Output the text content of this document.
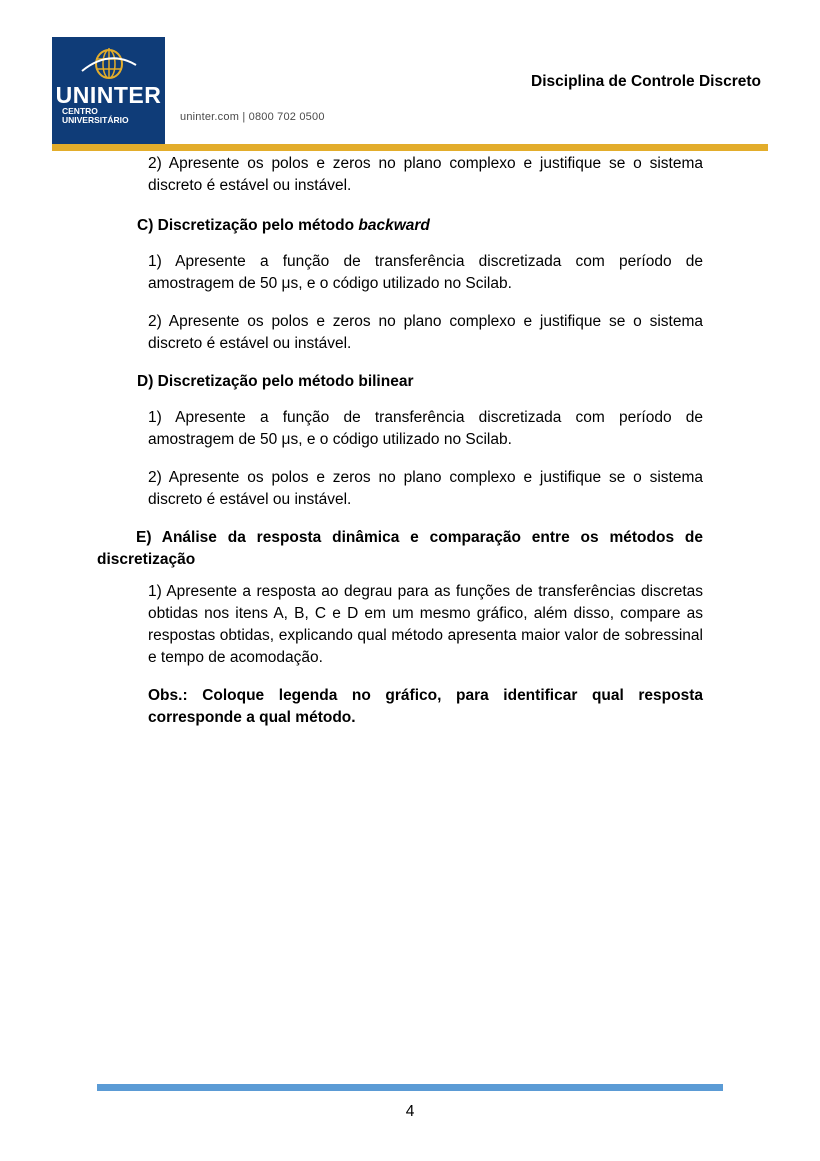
UNINTER
CENTRO
UNIVERSITÁRIO	uninter.com | 0800 702 0500
Disciplina de Controle Discreto
2) Apresente os polos e zeros no plano complexo e justifique se o sistema discreto é estável ou instável.
C) Discretização pelo método backward
1) Apresente a função de transferência discretizada com período de amostragem de 50 μs, e o código utilizado no Scilab.
2) Apresente os polos e zeros no plano complexo e justifique se o sistema discreto é estável ou instável.
D) Discretização pelo método bilinear
1) Apresente a função de transferência discretizada com período de amostragem de 50 μs, e o código utilizado no Scilab.
2) Apresente os polos e zeros no plano complexo e justifique se o sistema discreto é estável ou instável.
E) Análise da resposta dinâmica e comparação entre os métodos de
discretização
1) Apresente a resposta ao degrau para as funções de transferências discretas obtidas nos itens A, B, C e D em um mesmo gráfico, além disso, compare as respostas obtidas, explicando qual método apresenta maior valor de sobressinal e tempo de acomodação.
Obs.: Coloque legenda no gráfico, para identificar qual resposta corresponde a qual método.
4
